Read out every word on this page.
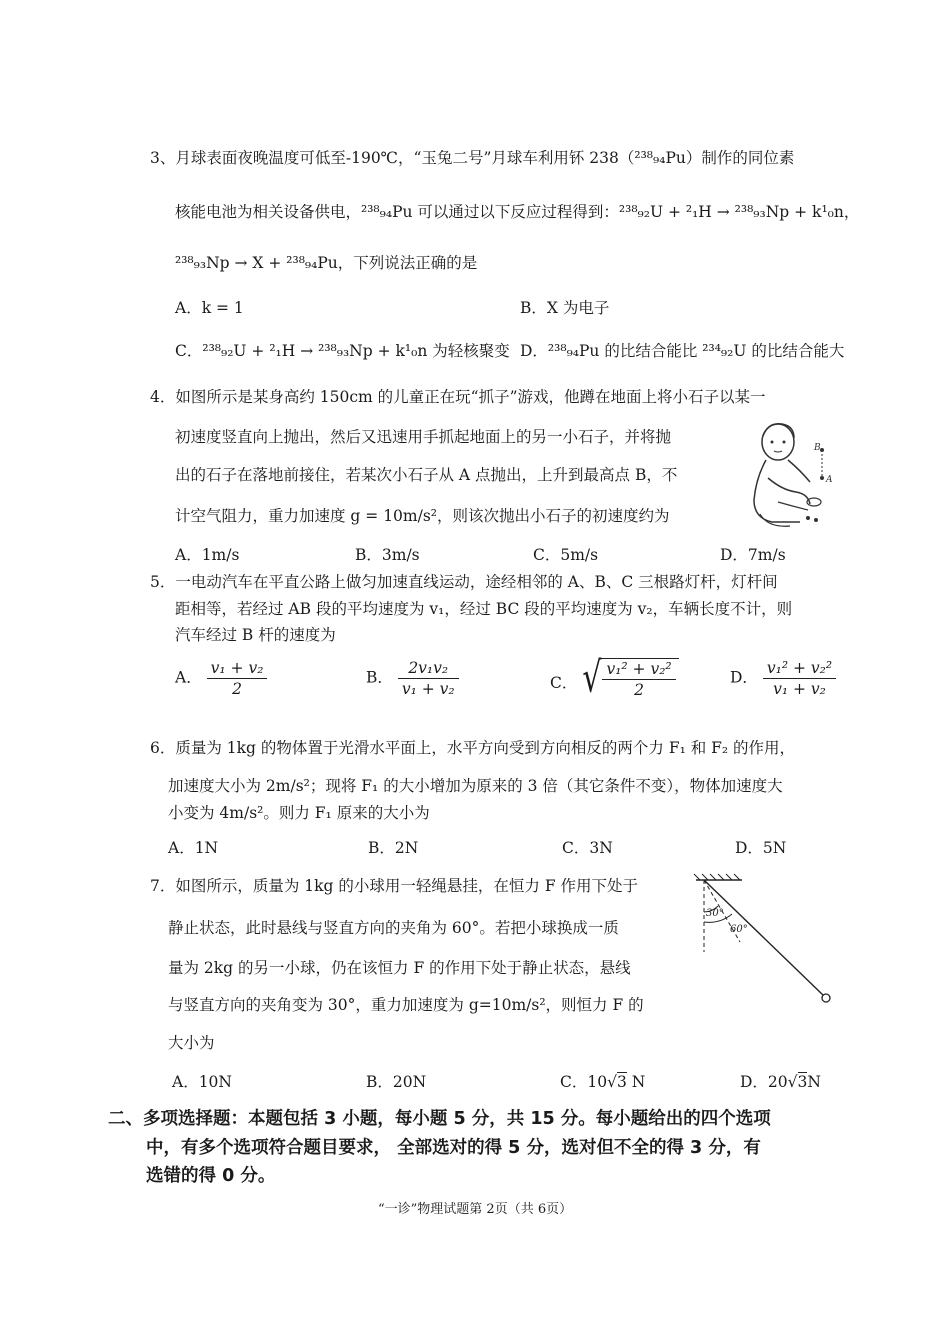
3、月球表面夜晚温度可低至-190℃，“玉兔二号”月球车利用钚 238（²³⁸₉₄Pu）制作的同位素
核能电池为相关设备供电，²³⁸₉₄Pu 可以通过以下反应过程得到：²³⁸₉₂U + ²₁H → ²³⁸₉₃Np + k¹₀n，
²³⁸₉₃Np → X + ²³⁸₉₄Pu，下列说法正确的是
A．k = 1	B．X 为电子
C．²³⁸₉₂U + ²₁H → ²³⁸₉₃Np + k¹₀n 为轻核聚变 D．²³⁸₉₄Pu 的比结合能比 ²³⁴₉₂U 的比结合能大
4．如图所示是某身高约 150cm 的儿童正在玩“抓子”游戏，他蹲在地面上将小石子以某一
初速度竖直向上抛出，然后又迅速用手抓起地面上的另一小石子，并将抛
出的石子在落地前接住，若某次小石子从 A 点抛出，上升到最高点 B，不
计空气阻力，重力加速度 g = 10m/s²，则该次抛出小石子的初速度约为
B
A
A．1m/s	B．3m/s	C．5m/s	D．7m/s
5．一电动汽车在平直公路上做匀加速直线运动，途经相邻的 A、B、C 三根路灯杆，灯杆间
距相等，若经过 AB 段的平均速度为 v₁，经过 BC 段的平均速度为 v₂，车辆长度不计，则
汽车经过 B 杆的速度为
A． $\frac{\text{v₁ + v₂}}{2}$	B． $\frac{\text{2v₁v₂}}{\text{v₁ + v₂}}$	C． √ $\frac{\text{v₁² + v₂²}}{2}$	D． $\frac{\text{v₁² + v₂²}}{\text{v₁ + v₂}}$
6．质量为 1kg 的物体置于光滑水平面上，水平方向受到方向相反的两个力 F₁ 和 F₂ 的作用，
加速度大小为 2m/s²；现将 F₁ 的大小增加为原来的 3 倍（其它条件不变），物体加速度大
小变为 4m/s²。则力 F₁ 原来的大小为
A．1N	B．2N	C．3N	D．5N
7．如图所示，质量为 1kg 的小球用一轻绳悬挂，在恒力 F 作用下处于
静止状态，此时悬线与竖直方向的夹角为 60°。若把小球换成一质
量为 2kg 的另一小球，仍在该恒力 F 的作用下处于静止状态，悬线
与竖直方向的夹角变为 30°，重力加速度为 g=10m/s²，则恒力 F 的
大小为
30°
60°
A．10N	B．20N	C．10√3 N	D．20√3N
二、多项选择题：本题包括 3 小题，每小题 5 分，共 15 分。每小题给出的四个选项
中，有多个选项符合题目要求， 全部选对的得 5 分，选对但不全的得 3 分，有
选错的得 0 分。
“一诊”物理试题第 2页（共 6页）
